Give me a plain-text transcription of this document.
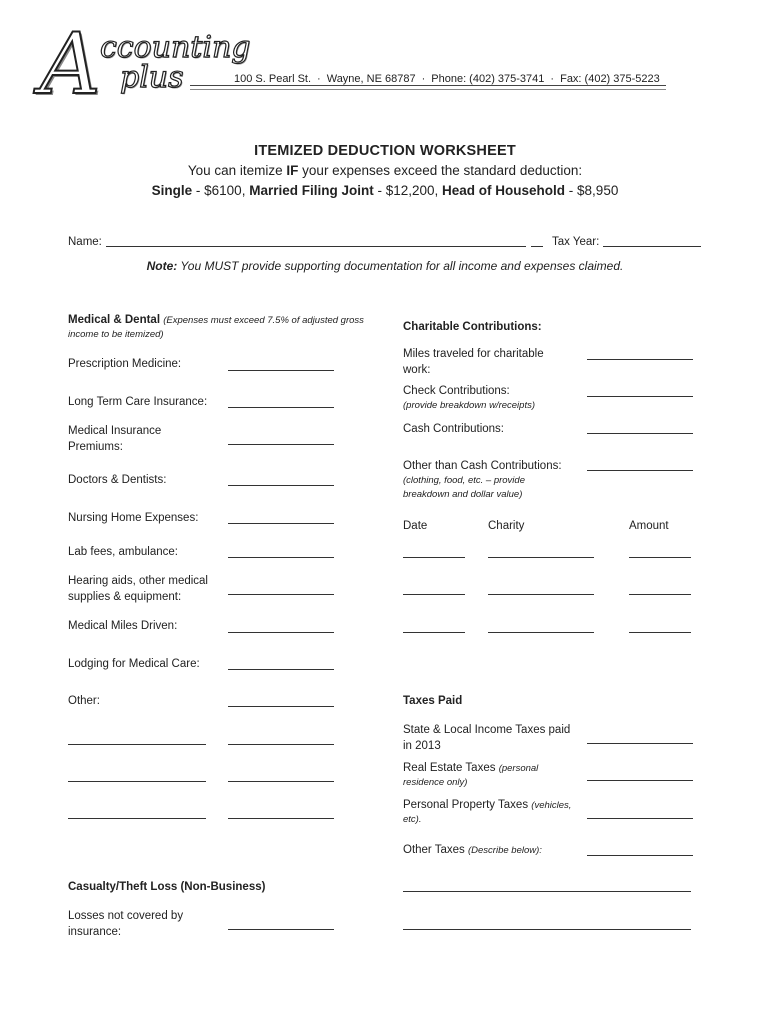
A ccounting
plus	100 S. Pearl St. · Wayne, NE 68787 · Phone: (402) 375-3741 · Fax: (402) 375-5223
ITEMIZED DEDUCTION WORKSHEET
You can itemize IF your expenses exceed the standard deduction:
Single - $6100, Married Filing Joint - $12,200, Head of Household - $8,950
Name:	Tax Year:
Note: You MUST provide supporting documentation for all income and expenses claimed.
Medical & Dental (Expenses must exceed 7.5% of adjusted gross
income to be itemized)
Prescription Medicine:
Long Term Care Insurance:
Medical Insurance
Premiums:
Doctors & Dentists:
Nursing Home Expenses:
Lab fees, ambulance:
Hearing aids, other medical
supplies & equipment:
Medical Miles Driven:
Lodging for Medical Care:
Other:
Casualty/Theft Loss (Non-Business)
Losses not covered by
insurance:
Charitable Contributions:
Miles traveled for charitable
work:
Check Contributions:
(provide breakdown w/receipts)
Cash Contributions:
Other than Cash Contributions:
(clothing, food, etc. – provide
breakdown and dollar value)
Date	Charity	Amount
Taxes Paid
State & Local Income Taxes paid
in 2013
Real Estate Taxes (personal
residence only)
Personal Property Taxes (vehicles,
etc).
Other Taxes (Describe below):
